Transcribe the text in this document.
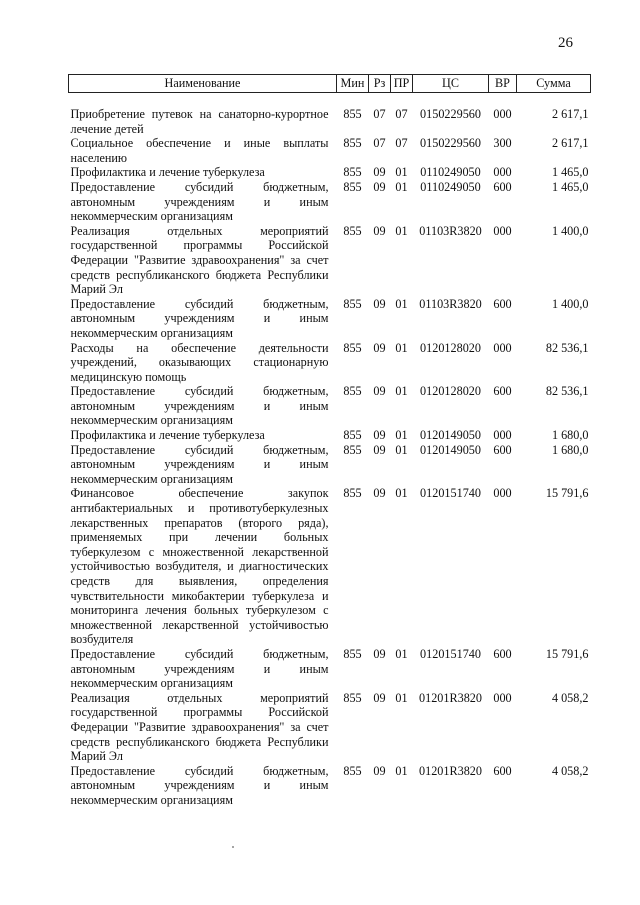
26
Наименование	Мин	Рз	ПР	ЦС	ВР	Сумма
Приобретение путевок на санаторно-курортное лечение детей	855	07	07	0150229560	000	2 617,1
Социальное обеспечение и иные выплаты населению	855	07	07	0150229560	300	2 617,1
Профилактика и лечение туберкулеза	855	09	01	0110249050	000	1 465,0
Предоставление субсидий бюджетным, автономным учреждениям и иным некоммерческим организациям	855	09	01	0110249050	600	1 465,0
Реализация отдельных мероприятий государственной программы Российской Федерации "Развитие здравоохранения" за счет средств республиканского бюджета Республики Марий Эл	855	09	01	01103R3820	000	1 400,0
Предоставление субсидий бюджетным, автономным учреждениям и иным некоммерческим организациям	855	09	01	01103R3820	600	1 400,0
Расходы на обеспечение деятельности учреждений, оказывающих стационарную медицинскую помощь	855	09	01	0120128020	000	82 536,1
Предоставление субсидий бюджетным, автономным учреждениям и иным некоммерческим организациям	855	09	01	0120128020	600	82 536,1
Профилактика и лечение туберкулеза	855	09	01	0120149050	000	1 680,0
Предоставление субсидий бюджетным, автономным учреждениям и иным некоммерческим организациям	855	09	01	0120149050	600	1 680,0
Финансовое обеспечение закупок антибактериальных и противотуберкулезных лекарственных препаратов (второго ряда), применяемых при лечении больных туберкулезом с множественной лекарственной устойчивостью возбудителя, и диагностических средств для выявления, определения чувствительности микобактерии туберкулеза и мониторинга лечения больных туберкулезом с множественной лекарственной устойчивостью возбудителя	855	09	01	0120151740	000	15 791,6
Предоставление субсидий бюджетным, автономным учреждениям и иным некоммерческим организациям	855	09	01	0120151740	600	15 791,6
Реализация отдельных мероприятий государственной программы Российской Федерации "Развитие здравоохранения" за счет средств республиканского бюджета Республики Марий Эл	855	09	01	01201R3820	000	4 058,2
Предоставление субсидий бюджетным, автономным учреждениям и иным некоммерческим организациям	855	09	01	01201R3820	600	4 058,2
